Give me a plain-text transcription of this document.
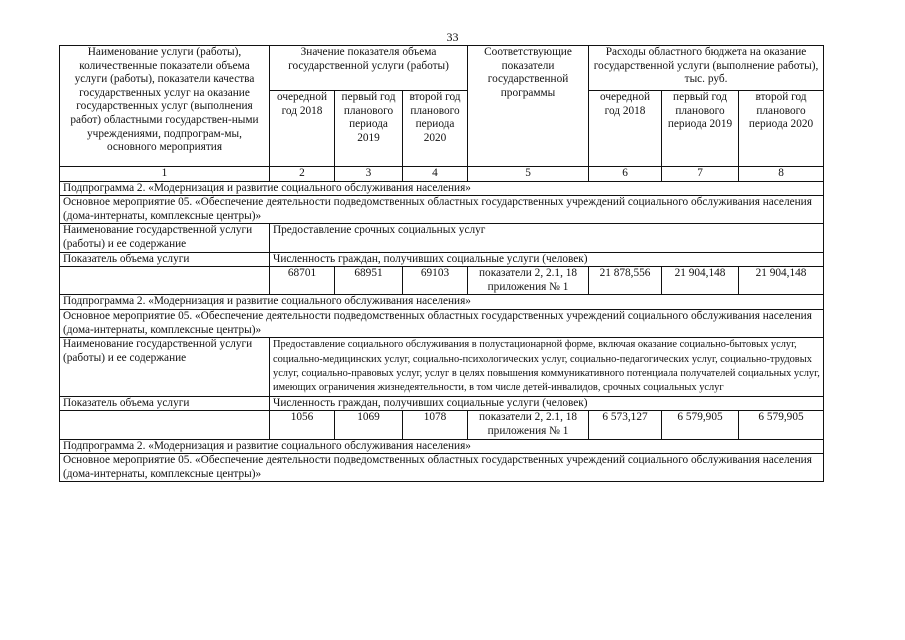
33
Наименование услуги (работы), количественные показатели объема услуги (работы), показатели качества государственных услуг на оказание государственных услуг (выполнения работ) областными государствен-ными учреждениями, подпрограм-мы, основного мероприятия	Значение показателя объема государственной услуги (работы)			Соответствующие показатели государственной программы	Расходы областного бюджета на оказание государственной услуги (выполнение работы), тыс. руб.		
	очередной год 2018	первый год планового периода 2019	второй год планового периода 2020		очередной год 2018	первый год планового периода 2019	второй год планового периода 2020
1	2	3	4	5	6	7	8
Подпрограмма 2. «Модернизация и развитие социального обслуживания населения»							
Основное мероприятие 05. «Обеспечение деятельности подведомственных областных государственных учреждений социального обслуживания населения (дома-интернаты, комплексные центры)»							
Наименование государственной услуги (работы) и ее содержание	Предоставление срочных социальных услуг						
Показатель объема услуги	Численность граждан, получивших социальные услуги (человек)						
	68701	68951	69103	показатели 2, 2.1, 18 приложения № 1	21 878,556	21 904,148	21 904,148
Подпрограмма 2. «Модернизация и развитие социального обслуживания населения»							
Основное мероприятие 05. «Обеспечение деятельности подведомственных областных государственных учреждений социального обслуживания населения (дома-интернаты, комплексные центры)»							
Наименование государственной услуги (работы) и ее содержание	Предоставление социального обслуживания в полустационарной форме, включая оказание социально-бытовых услуг, социально-медицинских услуг, социально-психологических услуг, социально-педагогических услуг, социально-трудовых услуг, социально-правовых услуг, услуг в целях повышения коммуникативного потенциала получателей социальных услуг, имеющих ограничения жизнедеятельности, в том числе детей-инвалидов, срочных социальных услуг						
Показатель объема услуги	Численность граждан, получивших социальные услуги (человек)						
	1056	1069	1078	показатели 2, 2.1, 18 приложения № 1	6 573,127	6 579,905	6 579,905
Подпрограмма 2. «Модернизация и развитие социального обслуживания населения»							
Основное мероприятие 05. «Обеспечение деятельности подведомственных областных государственных учреждений социального обслуживания населения (дома-интернаты, комплексные центры)»							
